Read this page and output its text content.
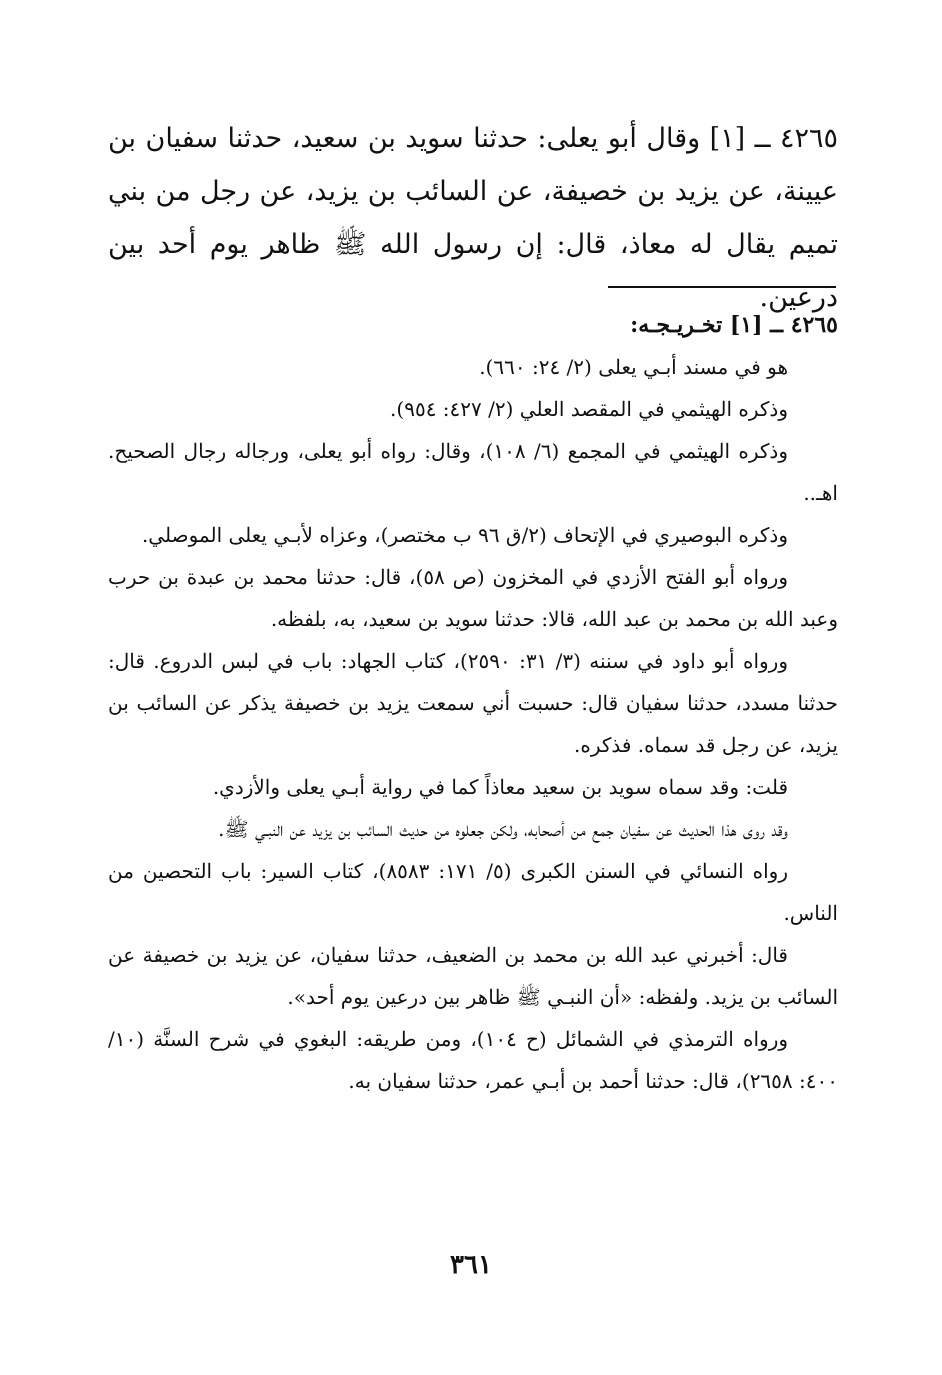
٤٢٦٥ ــ [١] وقال أبو يعلى: حدثنا سويد بن سعيد، حدثنا سفيان بن عيينة، عن يزيد بن خصيفة، عن السائب بن يزيد، عن رجل من بني تميم يقال له معاذ، قال: إن رسول الله ﷺ ظاهر يوم أحد بين درعين.

٤٢٦٥ ــ [١] تخـريـجـه:

هو في مسند أبـي يعلى (٢/ ٢٤: ٦٦٠).

وذكره الهيثمي في المقصد العلي (٢/ ٤٢٧: ٩٥٤).

وذكره الهيثمي في المجمع (٦/ ١٠٨)، وقال: رواه أبو يعلى، ورجاله رجال الصحيح. اهـ..

وذكره البوصيري في الإتحاف (٢/ق ٩٦ ب مختصر)، وعزاه لأبـي يعلى الموصلي.

ورواه أبو الفتح الأزدي في المخزون (ص ٥٨)، قال: حدثنا محمد بن عبدة بن حرب وعبد الله بن محمد بن عبد الله، قالا: حدثنا سويد بن سعيد، به، بلفظه.

ورواه أبو داود في سننه (٣/ ٣١: ٢٥٩٠)، كتاب الجهاد: باب في لبس الدروع. قال: حدثنا مسدد، حدثنا سفيان قال: حسبت أني سمعت يزيد بن خصيفة يذكر عن السائب بن يزيد، عن رجل قد سماه. فذكره.

قلت: وقد سماه سويد بن سعيد معاذاً كما في رواية أبـي يعلى والأزدي.

وقد روى هذا الحديث عن سفيان جمع من أصحابه، ولكن جعلوه من حديث السائب بن يزيد عن النبـي ﷺ.

رواه النسائي في السنن الكبرى (٥/ ١٧١: ٨٥٨٣)، كتاب السير: باب التحصين من الناس.

قال: أخبرني عبد الله بن محمد بن الضعيف، حدثنا سفيان، عن يزيد بن خصيفة عن السائب بن يزيد. ولفظه: «أن النبـي ﷺ ظاهر بين درعين يوم أحد».

ورواه الترمذي في الشمائل (ح ١٠٤)، ومن طريقه: البغوي في شرح السنَّة (١٠/ ٤٠٠: ٢٦٥٨)، قال: حدثنا أحمد بن أبـي عمر، حدثنا سفيان به.

٣٦١
